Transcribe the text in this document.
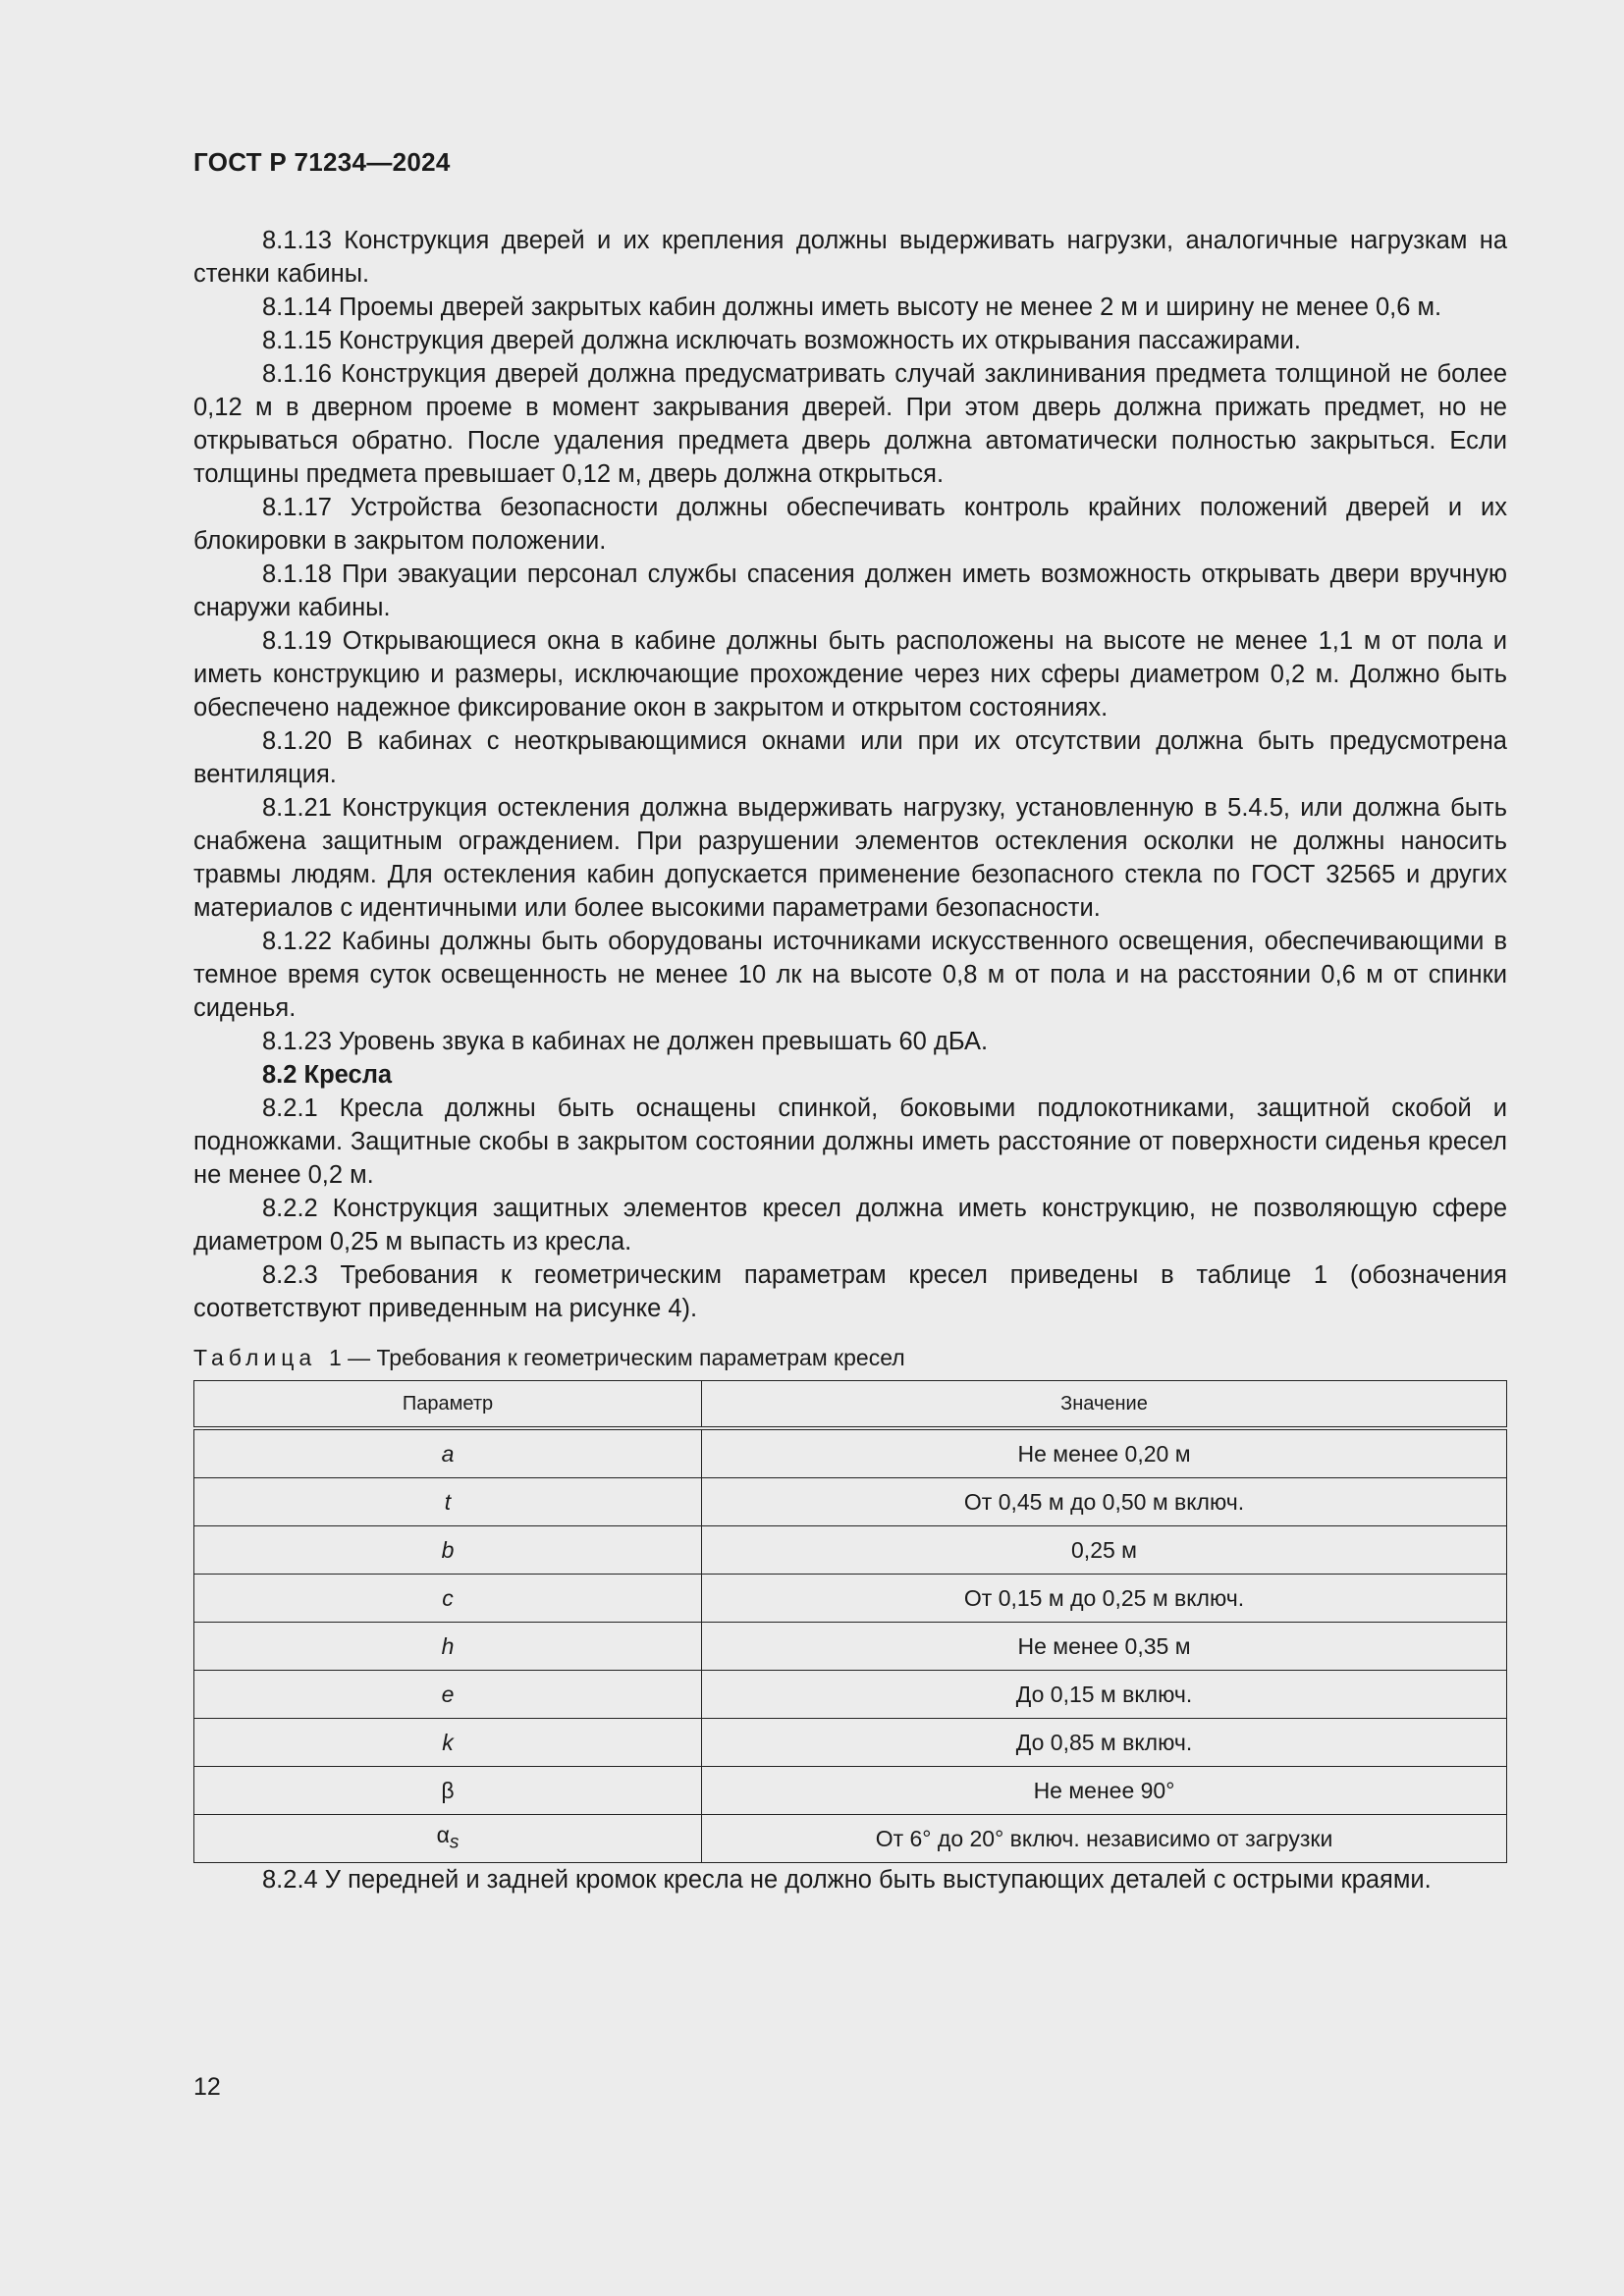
ГОСТ Р 71234—2024

8.1.13 Конструкция дверей и их крепления должны выдерживать нагрузки, аналогичные нагрузкам на стенки кабины.

8.1.14 Проемы дверей закрытых кабин должны иметь высоту не менее 2 м и ширину не менее 0,6 м.

8.1.15 Конструкция дверей должна исключать возможность их открывания пассажирами.

8.1.16 Конструкция дверей должна предусматривать случай заклинивания предмета толщиной не более 0,12 м в дверном проеме в момент закрывания дверей. При этом дверь должна прижать предмет, но не открываться обратно. После удаления предмета дверь должна автоматически полностью закрыться. Если толщины предмета превышает 0,12 м, дверь должна открыться.

8.1.17 Устройства безопасности должны обеспечивать контроль крайних положений дверей и их блокировки в закрытом положении.

8.1.18 При эвакуации персонал службы спасения должен иметь возможность открывать двери вручную снаружи кабины.

8.1.19 Открывающиеся окна в кабине должны быть расположены на высоте не менее 1,1 м от пола и иметь конструкцию и размеры, исключающие прохождение через них сферы диаметром 0,2 м. Должно быть обеспечено надежное фиксирование окон в закрытом и открытом состояниях.

8.1.20 В кабинах с неоткрывающимися окнами или при их отсутствии должна быть предусмотрена вентиляция.

8.1.21 Конструкция остекления должна выдерживать нагрузку, установленную в 5.4.5, или должна быть снабжена защитным ограждением. При разрушении элементов остекления осколки не должны наносить травмы людям. Для остекления кабин допускается применение безопасного стекла по ГОСТ 32565 и других материалов с идентичными или более высокими параметрами безопасности.

8.1.22 Кабины должны быть оборудованы источниками искусственного освещения, обеспечивающими в темное время суток освещенность не менее 10 лк на высоте 0,8 м от пола и на расстоянии 0,6 м от спинки сиденья.

8.1.23 Уровень звука в кабинах не должен превышать 60 дБА.

8.2 Кресла

8.2.1 Кресла должны быть оснащены спинкой, боковыми подлокотниками, защитной скобой и подножками. Защитные скобы в закрытом состоянии должны иметь расстояние от поверхности сиденья кресел не менее 0,2 м.

8.2.2 Конструкция защитных элементов кресел должна иметь конструкцию, не позволяющую сфере диаметром 0,25 м выпасть из кресла.

8.2.3 Требования к геометрическим параметрам кресел приведены в таблице 1 (обозначения соответствуют приведенным на рисунке 4).

Таблица 1 — Требования к геометрическим параметрам кресел
Параметр	Значение
a	Не менее 0,20 м
t	От 0,45 м до 0,50 м включ.
b	0,25 м
c	От 0,15 м до 0,25 м включ.
h	Не менее 0,35 м
e	До 0,15 м включ.
k	До 0,85 м включ.
β	Не менее 90°
$\alpha_s$	От 6° до 20° включ. независимо от загрузки

8.2.4 У передней и задней кромок кресла не должно быть выступающих деталей с острыми краями.

12
